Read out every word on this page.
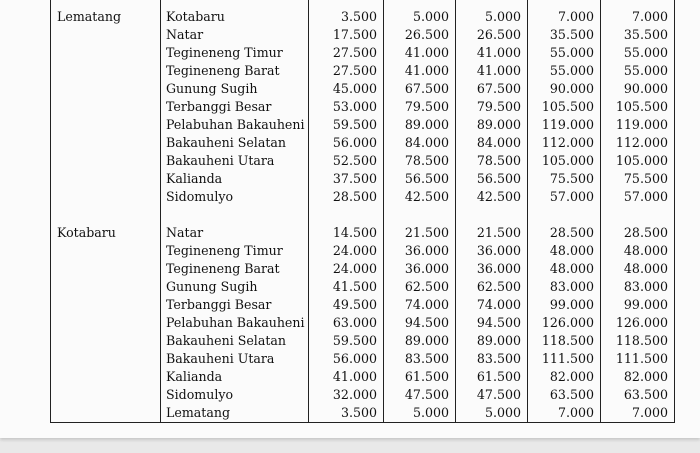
Lematang	Kotabaru	3.500	5.000	5.000	7.000	7.000
	Natar	17.500	26.500	26.500	35.500	35.500
	Tegineneng Timur	27.500	41.000	41.000	55.000	55.000
	Tegineneng Barat	27.500	41.000	41.000	55.000	55.000
	Gunung Sugih	45.000	67.500	67.500	90.000	90.000
	Terbanggi Besar	53.000	79.500	79.500	105.500	105.500
	Pelabuhan Bakauheni	59.500	89.000	89.000	119.000	119.000
	Bakauheni Selatan	56.000	84.000	84.000	112.000	112.000
	Bakauheni Utara	52.500	78.500	78.500	105.000	105.000
	Kalianda	37.500	56.500	56.500	75.500	75.500
	Sidomulyo	28.500	42.500	42.500	57.000	57.000

Kotabaru	Natar	14.500	21.500	21.500	28.500	28.500
	Tegineneng Timur	24.000	36.000	36.000	48.000	48.000
	Tegineneng Barat	24.000	36.000	36.000	48.000	48.000
	Gunung Sugih	41.500	62.500	62.500	83.000	83.000
	Terbanggi Besar	49.500	74.000	74.000	99.000	99.000
	Pelabuhan Bakauheni	63.000	94.500	94.500	126.000	126.000
	Bakauheni Selatan	59.500	89.000	89.000	118.500	118.500
	Bakauheni Utara	56.000	83.500	83.500	111.500	111.500
	Kalianda	41.000	61.500	61.500	82.000	82.000
	Sidomulyo	32.000	47.500	47.500	63.500	63.500
	Lematang	3.500	5.000	5.000	7.000	7.000
